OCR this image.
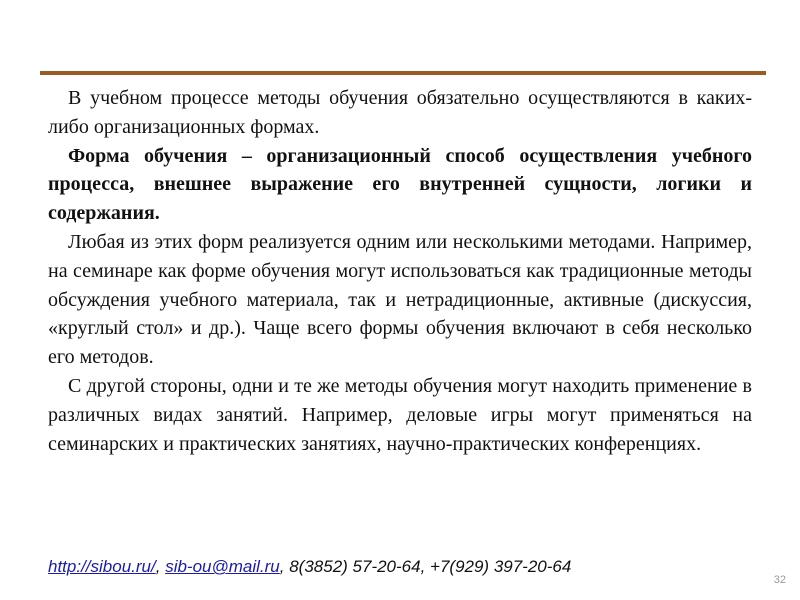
В учебном процессе методы обучения обязательно осуществляются в каких-либо организационных формах.

Форма обучения – организационный способ осуществления учебного процесса, внешнее выражение его внутренней сущности, логики и содержания.

Любая из этих форм реализуется одним или несколькими методами. Например, на семинаре как форме обучения могут использоваться как традиционные методы обсуждения учебного материала, так и нетрадиционные, активные (дискуссия, «круглый стол» и др.). Чаще всего формы обучения включают в себя несколько его методов.

С другой стороны, одни и те же методы обучения могут находить применение в различных видах занятий. Например, деловые игры могут применяться на семинарских и практических занятиях, научно-практических конференциях.

http://sibou.ru/, sib-ou@mail.ru, 8(3852) 57-20-64, +7(929) 397-20-64
32
